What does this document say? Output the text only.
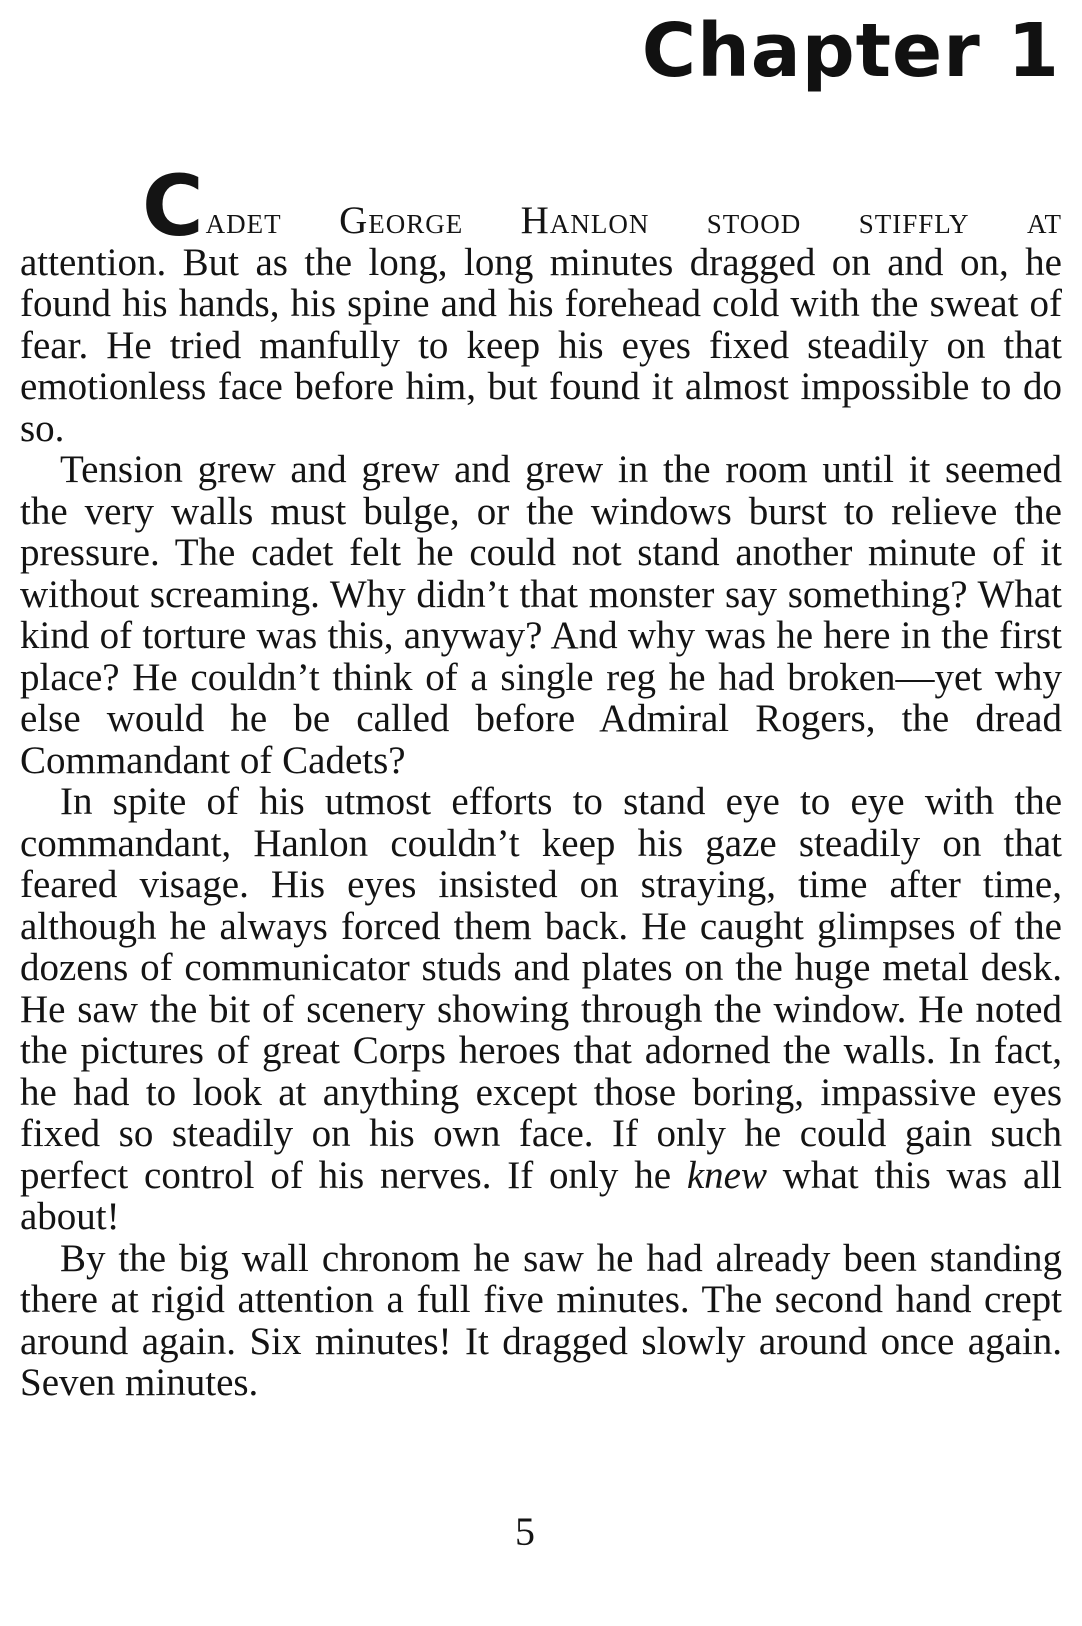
Chapter 1

Cadet George Hanlon stood stiffly at
attention. But as the long, long minutes dragged on and on, he found his hands, his spine and his forehead cold with the sweat of fear. He tried manfully to keep his eyes fixed steadily on that emotionless face before him, but found it almost impossible to do so.

Tension grew and grew and grew in the room until it seemed the very walls must bulge, or the windows burst to relieve the pressure. The cadet felt he could not stand another minute of it without screaming. Why didn’t that monster say something? What kind of torture was this, anyway? And why was he here in the first place? He couldn’t think of a single reg he had broken—yet why else would he be called before Admiral Rogers, the dread Commandant of Cadets?

In spite of his utmost efforts to stand eye to eye with the commandant, Hanlon couldn’t keep his gaze steadily on that feared visage. His eyes insisted on straying, time after time, although he always forced them back. He caught glimpses of the dozens of communicator studs and plates on the huge metal desk. He saw the bit of scenery showing through the window. He noted the pictures of great Corps heroes that adorned the walls. In fact, he had to look at anything except those boring, impassive eyes fixed so steadily on his own face. If only he could gain such perfect control of his nerves. If only he knew what this was all about!

By the big wall chronom he saw he had already been standing there at rigid attention a full five minutes. The second hand crept around again. Six minutes! It dragged slowly around once again. Seven minutes.

5
